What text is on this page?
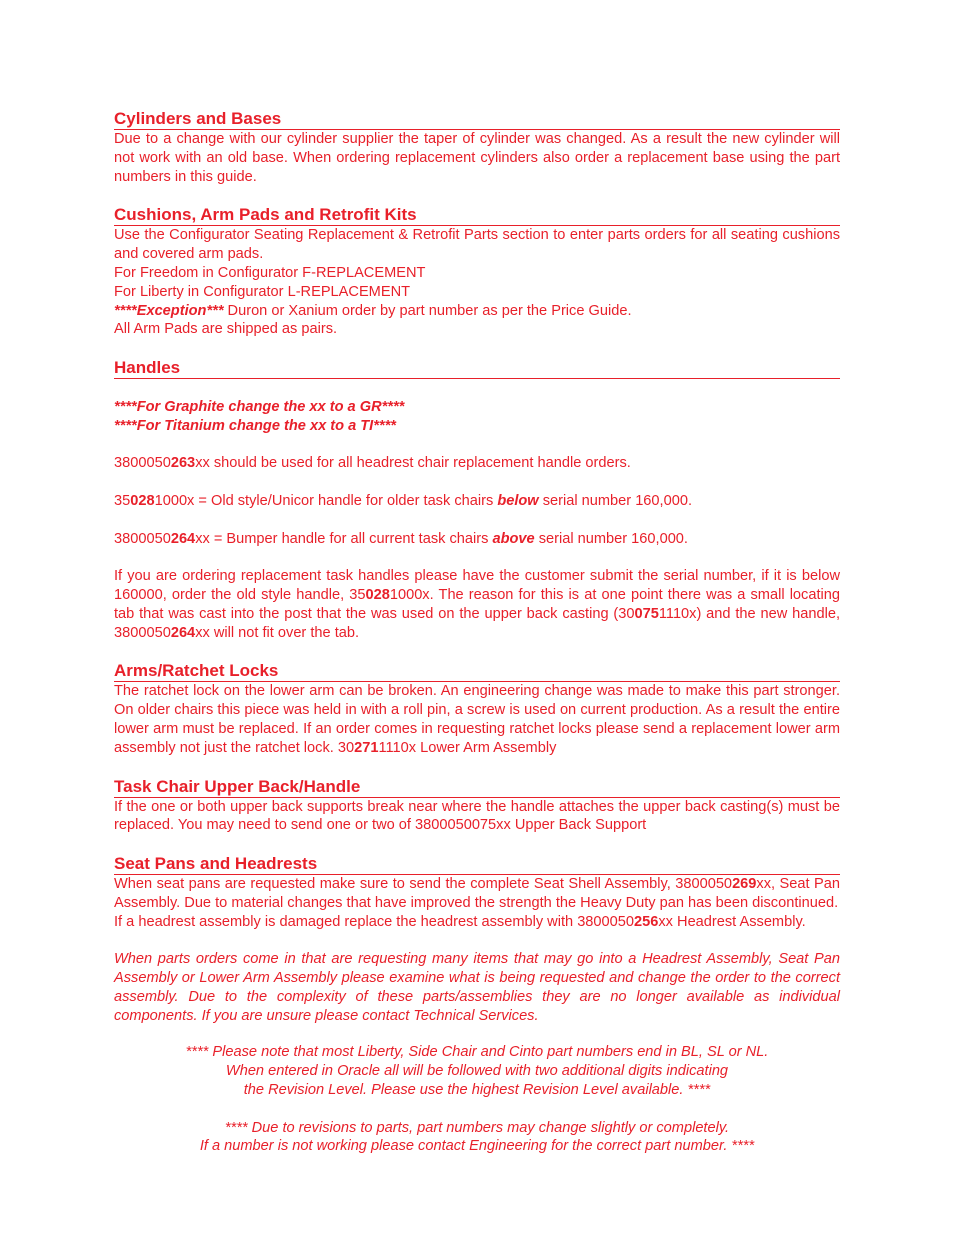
Cylinders and Bases

Due to a change with our cylinder supplier the taper of cylinder was changed. As a result the new cylinder will not work with an old base. When ordering replacement cylinders also order a replacement base using the part numbers in this guide.

Cushions, Arm Pads and Retrofit Kits

Use the Configurator Seating Replacement & Retrofit Parts section to enter parts orders for all seating cushions and covered arm pads.

For Freedom in Configurator F-REPLACEMENT

For Liberty in Configurator L-REPLACEMENT

****Exception*** Duron or Xanium order by part number as per the Price Guide.

All Arm Pads are shipped as pairs.

Handles

****For Graphite change the xx to a GR****

****For Titanium change the xx to a TI****

3800050263xx should be used for all headrest chair replacement handle orders.

350281000x = Old style/Unicor handle for older task chairs below serial number 160,000.

3800050264xx = Bumper handle for all current task chairs above serial number 160,000.

If you are ordering replacement task handles please have the customer submit the serial number, if it is below 160000, order the old style handle, 350281000x. The reason for this is at one point there was a small locating tab that was cast into the post that the was used on the upper back casting (300751110x) and the new handle, 3800050264xx will not fit over the tab.

Arms/Ratchet Locks

The ratchet lock on the lower arm can be broken. An engineering change was made to make this part stronger. On older chairs this piece was held in with a roll pin, a screw is used on current production. As a result the entire lower arm must be replaced. If an order comes in requesting ratchet locks please send a replacement lower arm assembly not just the ratchet lock. 302711110x Lower Arm Assembly

Task Chair Upper Back/Handle

If the one or both upper back supports break near where the handle attaches the upper back casting(s) must be replaced. You may need to send one or two of 3800050075xx Upper Back Support

Seat Pans and Headrests

When seat pans are requested make sure to send the complete Seat Shell Assembly, 3800050269xx, Seat Pan Assembly. Due to material changes that have improved the strength the Heavy Duty pan has been discontinued.

If a headrest assembly is damaged replace the headrest assembly with 3800050256xx Headrest Assembly.

When parts orders come in that are requesting many items that may go into a Headrest Assembly, Seat Pan Assembly or Lower Arm Assembly please examine what is being requested and change the order to the correct assembly. Due to the complexity of these parts/assemblies they are no longer available as individual components. If you are unsure please contact Technical Services.

**** Please note that most Liberty, Side Chair and Cinto part numbers end in BL, SL or NL.

When entered in Oracle all will be followed with two additional digits indicating

the Revision Level. Please use the highest Revision Level available. ****

**** Due to revisions to parts, part numbers may change slightly or completely.

If a number is not working please contact Engineering for the correct part number. ****
